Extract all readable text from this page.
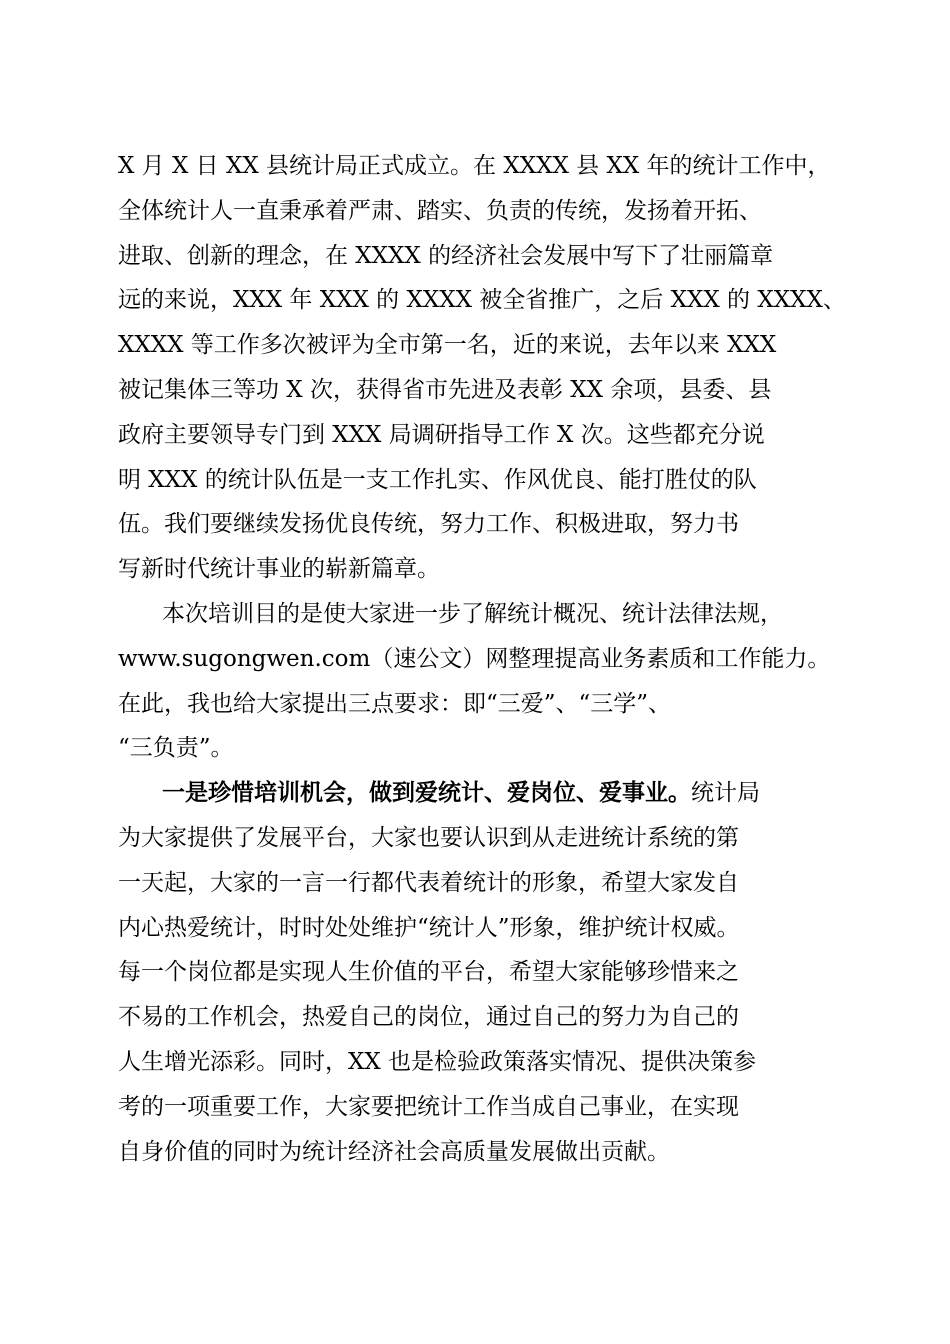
X 月 X 日 XX 县统计局正式成立。在 XXXX 县 XX 年的统计工作中，
全体统计人一直秉承着严肃、踏实、负责的传统，发扬着开拓、
进取、创新的理念，在 XXXX 的经济社会发展中写下了壮丽篇章
远的来说，XXX 年 XXX 的 XXXX 被全省推广，之后 XXX 的 XXXX、
XXXX 等工作多次被评为全市第一名，近的来说，去年以来 XXX
被记集体三等功 X 次，获得省市先进及表彰 XX 余项，县委、县
政府主要领导专门到 XXX 局调研指导工作 X 次。这些都充分说
明 XXX 的统计队伍是一支工作扎实、作风优良、能打胜仗的队
伍。我们要继续发扬优良传统，努力工作、积极进取，努力书
写新时代统计事业的崭新篇章。
本次培训目的是使大家进一步了解统计概况、统计法律法规，
www.sugongwen.com（速公文）网整理提高业务素质和工作能力。
在此，我也给大家提出三点要求：即“三爱”、“三学”、
“三负责”。
一是珍惜培训机会，做到爱统计、爱岗位、爱事业。统计局
为大家提供了发展平台，大家也要认识到从走进统计系统的第
一天起，大家的一言一行都代表着统计的形象，希望大家发自
内心热爱统计，时时处处维护“统计人”形象，维护统计权威。
每一个岗位都是实现人生价值的平台，希望大家能够珍惜来之
不易的工作机会，热爱自己的岗位，通过自己的努力为自己的
人生增光添彩。同时，XX 也是检验政策落实情况、提供决策参
考的一项重要工作，大家要把统计工作当成自己事业，在实现
自身价值的同时为统计经济社会高质量发展做出贡献。
